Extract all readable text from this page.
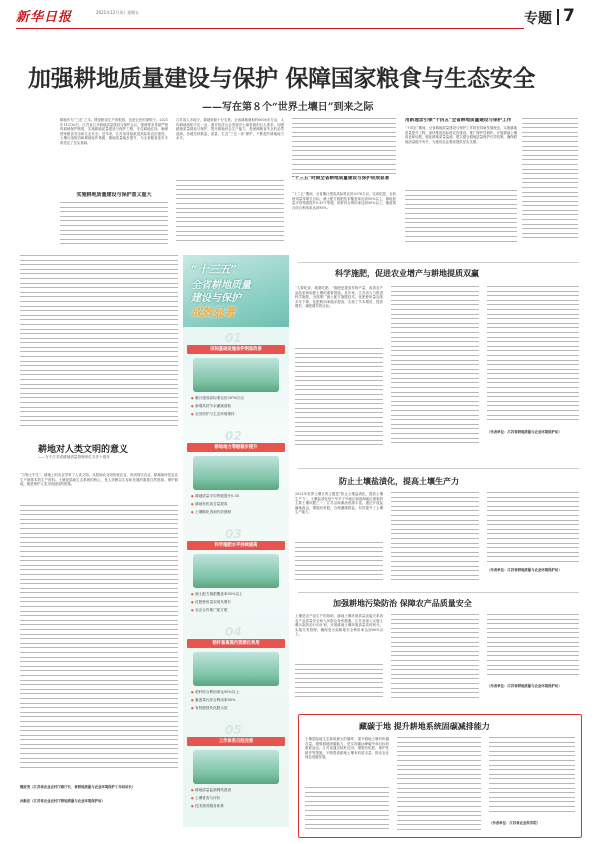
新华日报	2021年12月3日 星期五	专题 7
加强耕地质量建设与保护 保障国家粮食与生态安全
——写在第８个“世界土壤日”到来之际
耕地作为“三农”之本，既是粮食生产的根基，也是农民的命根子。2021年11月30日，江苏省召开耕地质量建设与保护会议，强调要坚持最严格的耕地保护制度，实施耕地质量建设与保护工程，守住耕地红线，确保国家粮食安全和生态安全。近年来，江苏省持续推进高标准农田建设、土壤污染防治和耕地轮作休耕，耕地质量稳步提升，为全省粮食连年丰收奠定了坚实基础。
实施耕地质量建设与保护意义重大
江苏省人多地少，耕地资源十分宝贵。全省耕地面积约6000多万亩，人均耕地面积不足一亩。面对经济社会发展对土地资源的巨大需求，加强耕地质量建设与保护，提升耕地综合生产能力，是保障粮食安全的必然选择。各地坚持数量、质量、生态“三位一体”保护，不断提升耕地地力水平。
“十三五”时期全省耕地质量建设与保护成效显著
“十三五”期间，全省累计建成高标准农田2076万亩，完成化肥、农药使用量零增长目标，测土配方施肥技术覆盖率达到95%以上，耕地质量平均等级提升0.35个等级，秸秆综合利用率达到95%以上，畜禽粪污综合利用率达到95%。
用新理念引领“十四五”全省耕地质量建设与保护工作
“十四五”期间，全省耕地质量建设与保护工作将坚持新发展理念，实施耕地质量提升工程，加快推进高标准农田建设，推广保护性耕作，开展耕地土壤改良和培肥，强化耕地质量监测，建立健全耕地质量保护长效机制，确保耕地质量稳中有升，为建设农业强省提供坚实支撑。
耕地对人类文明的意义
——写于江苏省耕地质量管理单位方法十周年
“万物土中生”，耕地上的农业孕育了人类文明。从原始农业到传统农业，再到现代农业，耕地始终是农业生产最基本的生产资料。土壤是陆地生态系统的核心，是人类赖以生存和发展的重要自然资源。保护耕地，就是保护人类文明延续的根基。
魏家茂（江苏省农业农村厅副厅长、省耕地质量与农业环境保护工作站站长）
孙新忠（江苏省农业农村厅耕地质量与农业环境保护站）
“十三五”
全省耕地质量
建设与保护
成效显著
01
田间基础设施条件明显改善
● 累计建成高标准农田2076万亩
● 新增高效节水灌溉面积
● 农田防护与生态环境保持
02
耕地地力等级稳步提升
● 耕地质量平均等级提升0.35
● 耕地有机质含量提高
● 土壤酸化得到有效遏制
03
科学施肥水平持续提高
● 测土配方施肥覆盖率95%以上
● 化肥使用量实现负增长
● 农企合作推广配方肥
04
秸秆畜禽粪污资源化利用
● 秸秆综合利用率达95%以上
● 畜禽粪污综合利用率95%
● 有机肥替代化肥示范
05
工作体系日趋完善
● 耕地质量监测网络建成
● 土壤普查与评价
● 技术指导服务体系
科学施肥，促进农业增产与耕地提质双赢
“人要吃饭，地要吃肥。”施肥是提高作物产量、改善农产品品质和培肥土壤的重要措施。近年来，江苏省大力推进科学施肥，全面推广测土配方施肥技术，化肥使用量连续多年下降，化肥利用率稳步提高，实现了节本增效、提质增效、减肥增效的目标。
（作者单位：江苏省耕地质量与农业环境保护站）
防止土壤盐渍化，提高土壤生产力
2021年世界土壤日的主题是“防止土壤盐渍化，提高土壤生产力”。土壤盐渍化是干旱半干旱地区和滨海地区面临的主要土壤问题之一。江苏沿海滩涂资源丰富，通过开展盐碱地改良，增施有机肥，合理灌溉排盐，有效提升了土壤生产能力。
（作者单位：江苏省耕地质量与农业环境保护站）
加强耕地污染防治 保障农产品质量安全
土壤是农产品生产的基础，耕地土壤环境质量直接关系到农产品质量安全和人民群众身体健康。江苏省深入实施土壤污染防治行动计划，开展耕地土壤环境质量类别划分，实施分类管理，确保受污染耕地安全利用率达到90%以上。
（作者单位：江苏省耕地质量与农业环境保护站）
藏碳于地 提升耕地系统固碳减排能力
土壤是陆地生态系统最大的碳库。提升耕地土壤有机碳含量，增强耕地固碳能力，是实现碳达峰碳中和目标的重要途径。江苏省通过秸秆还田、增施有机肥、保护性耕作等措施，不断提高耕地土壤有机质含量，推动农业绿色低碳发展。
（作者单位：江苏省农业科学院）
